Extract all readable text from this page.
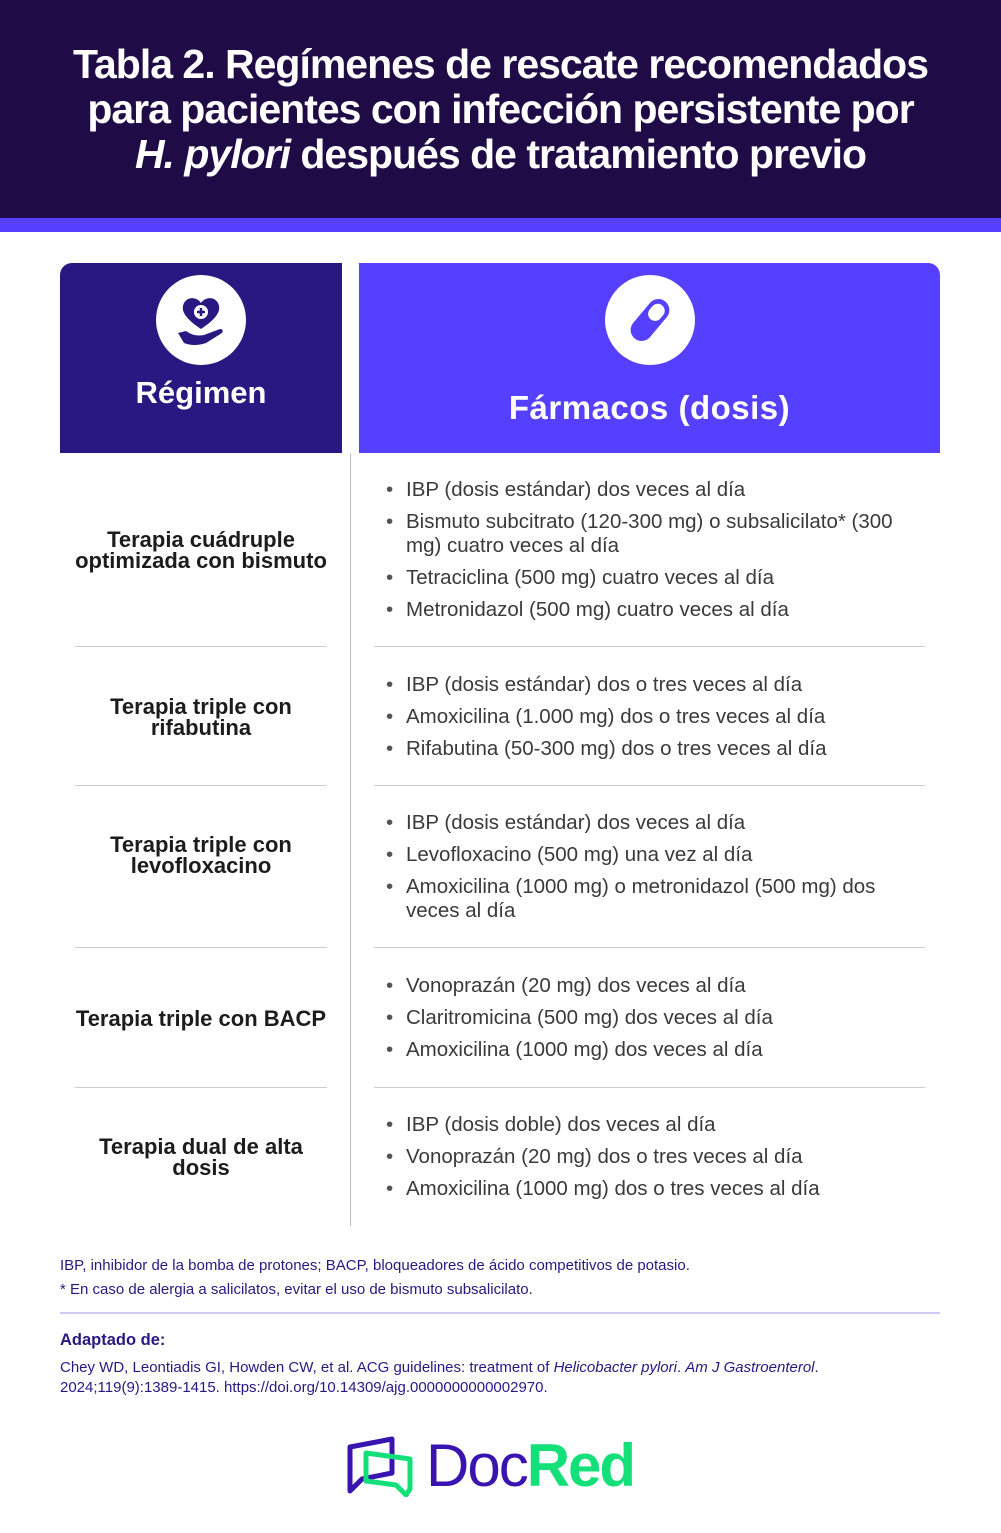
Tabla 2. Regímenes de rescate recomendados
para pacientes con infección persistente por
H. pylori después de tratamiento previo
Régimen	Fármacos (dosis)
Terapia cuádruple optimizada con bismuto
• IBP (dosis estándar) dos veces al día
• Bismuto subcitrato (120-300 mg) o subsalicilato* (300 mg) cuatro veces al día
• Tetraciclina (500 mg) cuatro veces al día
• Metronidazol (500 mg) cuatro veces al día
Terapia triple con rifabutina
• IBP (dosis estándar) dos o tres veces al día
• Amoxicilina (1.000 mg) dos o tres veces al día
• Rifabutina (50-300 mg) dos o tres veces al día
Terapia triple con levofloxacino
• IBP (dosis estándar) dos veces al día
• Levofloxacino (500 mg) una vez al día
• Amoxicilina (1000 mg) o metronidazol (500 mg) dos veces al día
Terapia triple con BACP
• Vonoprazán (20 mg) dos veces al día
• Claritromicina (500 mg) dos veces al día
• Amoxicilina (1000 mg) dos veces al día
Terapia dual de alta dosis
• IBP (dosis doble) dos veces al día
• Vonoprazán (20 mg) dos o tres veces al día
• Amoxicilina (1000 mg) dos o tres veces al día
IBP, inhibidor de la bomba de protones; BACP, bloqueadores de ácido competitivos de potasio.
* En caso de alergia a salicilatos, evitar el uso de bismuto subsalicilato.
Adaptado de:
Chey WD, Leontiadis GI, Howden CW, et al. ACG guidelines: treatment of Helicobacter pylori. Am J Gastroenterol. 2024;119(9):1389-1415. https://doi.org/10.14309/ajg.0000000000002970.
Doc Red
